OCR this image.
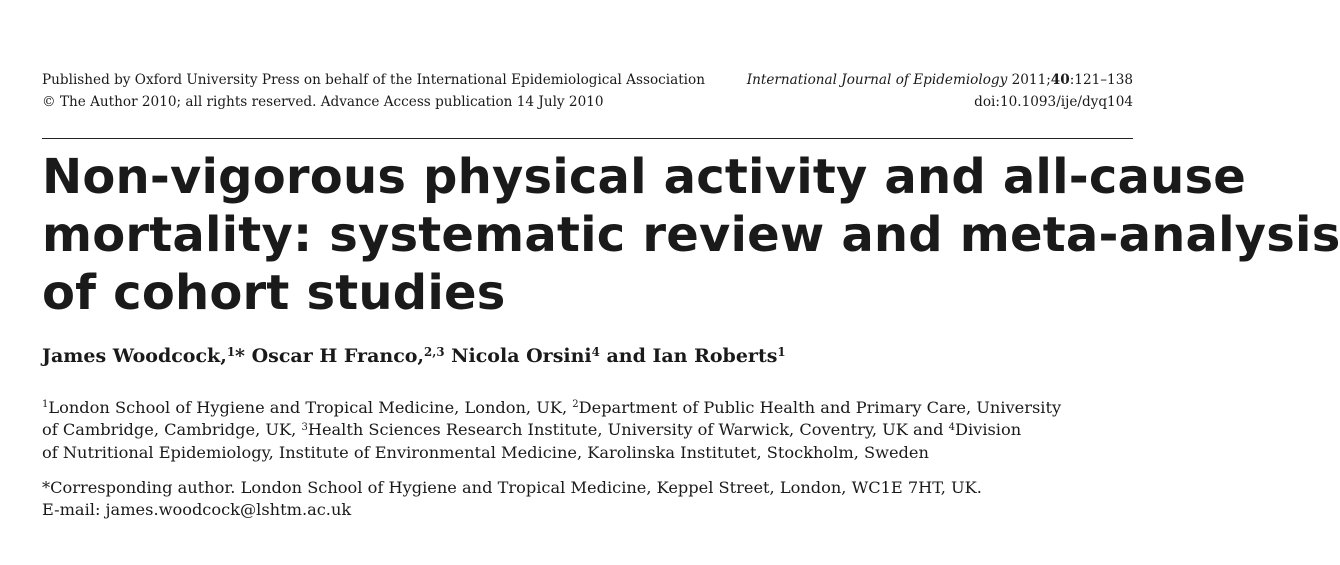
Published by Oxford University Press on behalf of the International Epidemiological Association
© The Author 2010; all rights reserved. Advance Access publication 14 July 2010
International Journal of Epidemiology 2011;40:121–138
doi:10.1093/ije/dyq104
Non-vigorous physical activity and all-cause
mortality: systematic review and meta-analysis
of cohort studies
James Woodcock,$^1$* Oscar H Franco,$^{2,3}$ Nicola Orsini$^4$ and Ian Roberts$^1$
$^1$London School of Hygiene and Tropical Medicine, London, UK, $^2$Department of Public Health and Primary Care, University
of Cambridge, Cambridge, UK, $^3$Health Sciences Research Institute, University of Warwick, Coventry, UK and $^4$Division
of Nutritional Epidemiology, Institute of Environmental Medicine, Karolinska Institutet, Stockholm, Sweden
*Corresponding author. London School of Hygiene and Tropical Medicine, Keppel Street, London, WC1E 7HT, UK.
E-mail: james.woodcock@lshtm.ac.uk
